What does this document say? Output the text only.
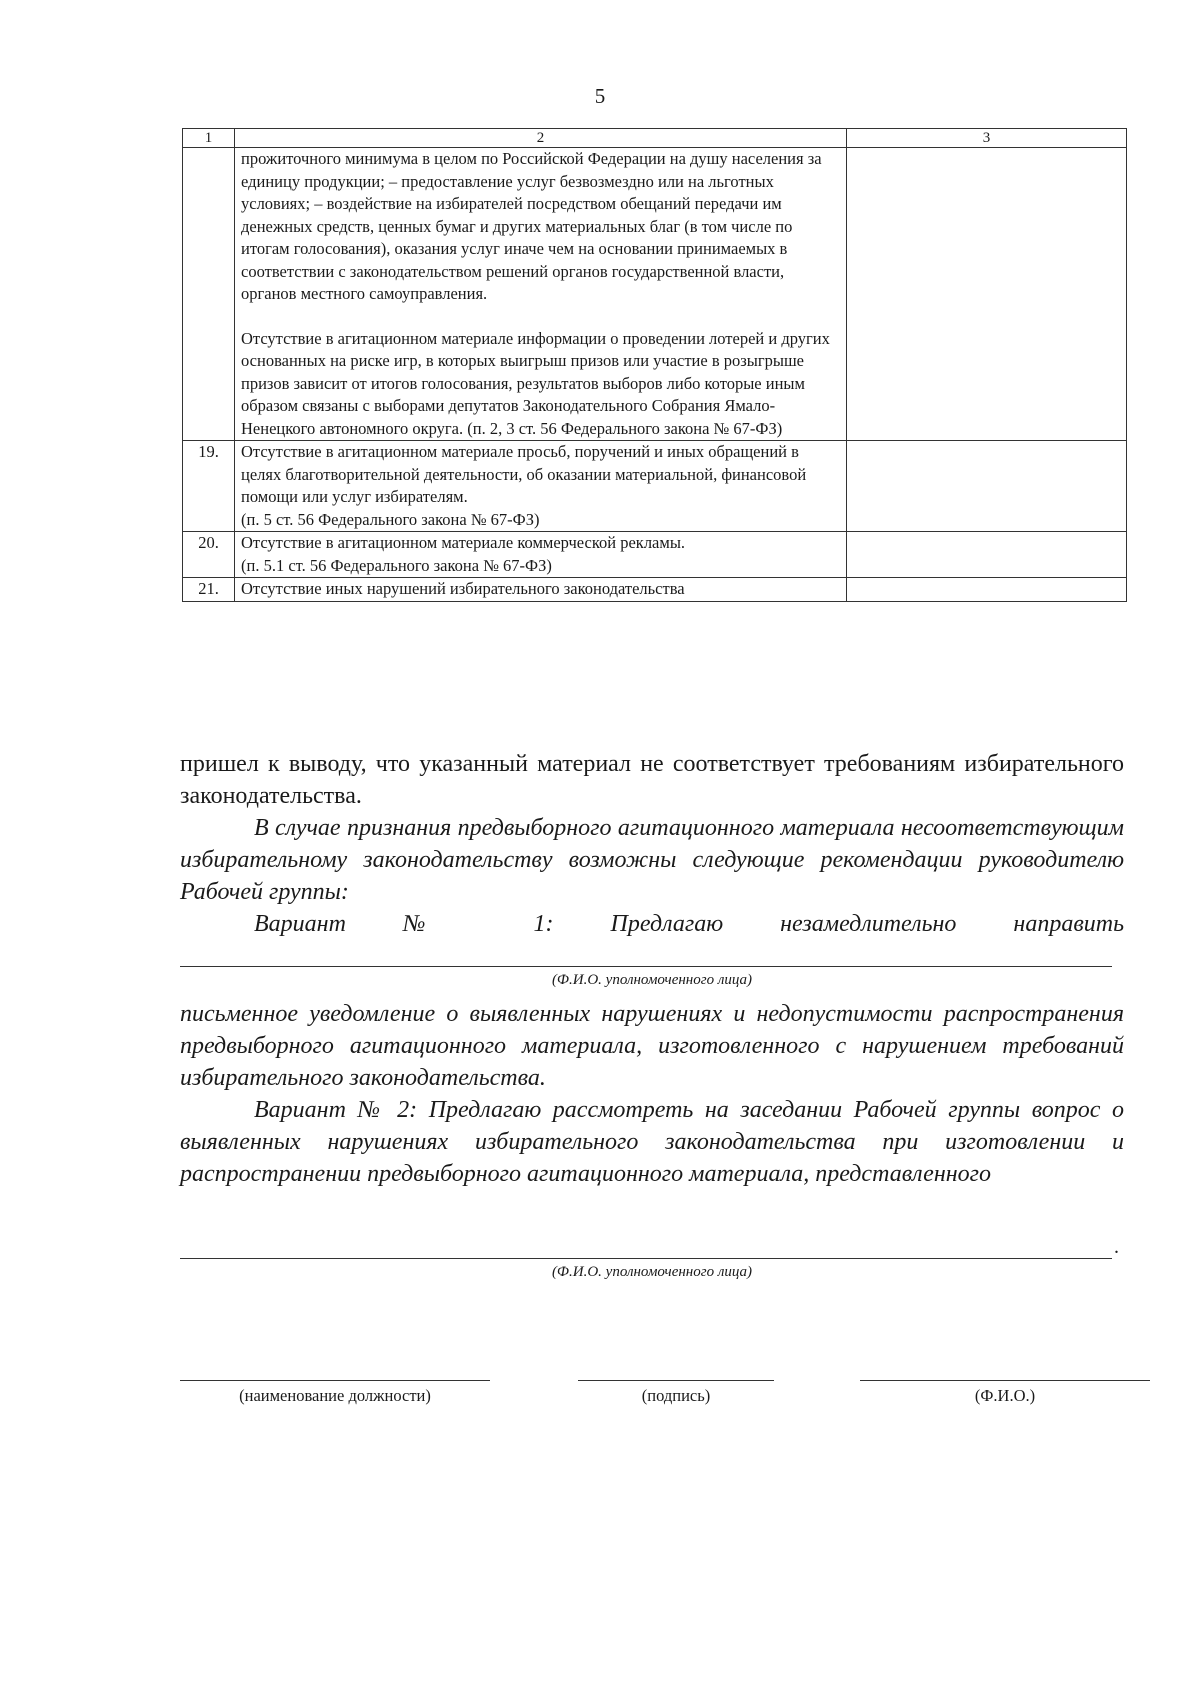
5
1	2	3

	прожиточного минимума в целом по Российской Федерации на душу населения за единицу продукции; – предоставление услуг безвозмездно или на льготных условиях; – воздействие на избирателей посредством обещаний передачи им денежных средств, ценных бумаг и других материальных благ (в том числе по итогам голосования), оказания услуг иначе чем на основании принимаемых в соответствии с законодательством решений органов государственной власти, органов местного самоуправления.
Отсутствие в агитационном материале информации о проведении лотерей и других основанных на риске игр, в которых выигрыш призов или участие в розыгрыше призов зависит от итогов голосования, результатов выборов либо которые иным образом связаны с выборами депутатов Законодательного Собрания Ямало-Ненецкого автономного округа. (п. 2, 3 ст. 56 Федерального закона № 67-ФЗ)	

19.	Отсутствие в агитационном материале просьб, поручений и иных обращений в целях благотворительной деятельности, об оказании материальной, финансовой помощи или услуг избирателям.
(п. 5 ст. 56 Федерального закона № 67-ФЗ)	
20.	Отсутствие в агитационном материале коммерческой рекламы.
(п. 5.1 ст. 56 Федерального закона № 67-ФЗ)	
21.	Отсутствие иных нарушений избирательного законодательства	
пришел к выводу, что указанный материал не соответствует требованиям избирательного законодательства.
В случае признания предвыборного агитационного материала несоответствующим избирательному законодательству возможны следующие рекомендации руководителю Рабочей группы:
Вариант № 1: Предлагаю незамедлительно направить
(Ф.И.О. уполномоченного лица)
письменное уведомление о выявленных нарушениях и недопустимости распространения предвыборного агитационного материала, изготовленного с нарушением требований избирательного законодательства.
Вариант № 2: Предлагаю рассмотреть на заседании Рабочей группы вопрос о выявленных нарушениях избирательного законодательства при изготовлении и распространении предвыборного агитационного материала, представленного
.
(Ф.И.О. уполномоченного лица)
(наименование должности)	(подпись)	(Ф.И.О.)
